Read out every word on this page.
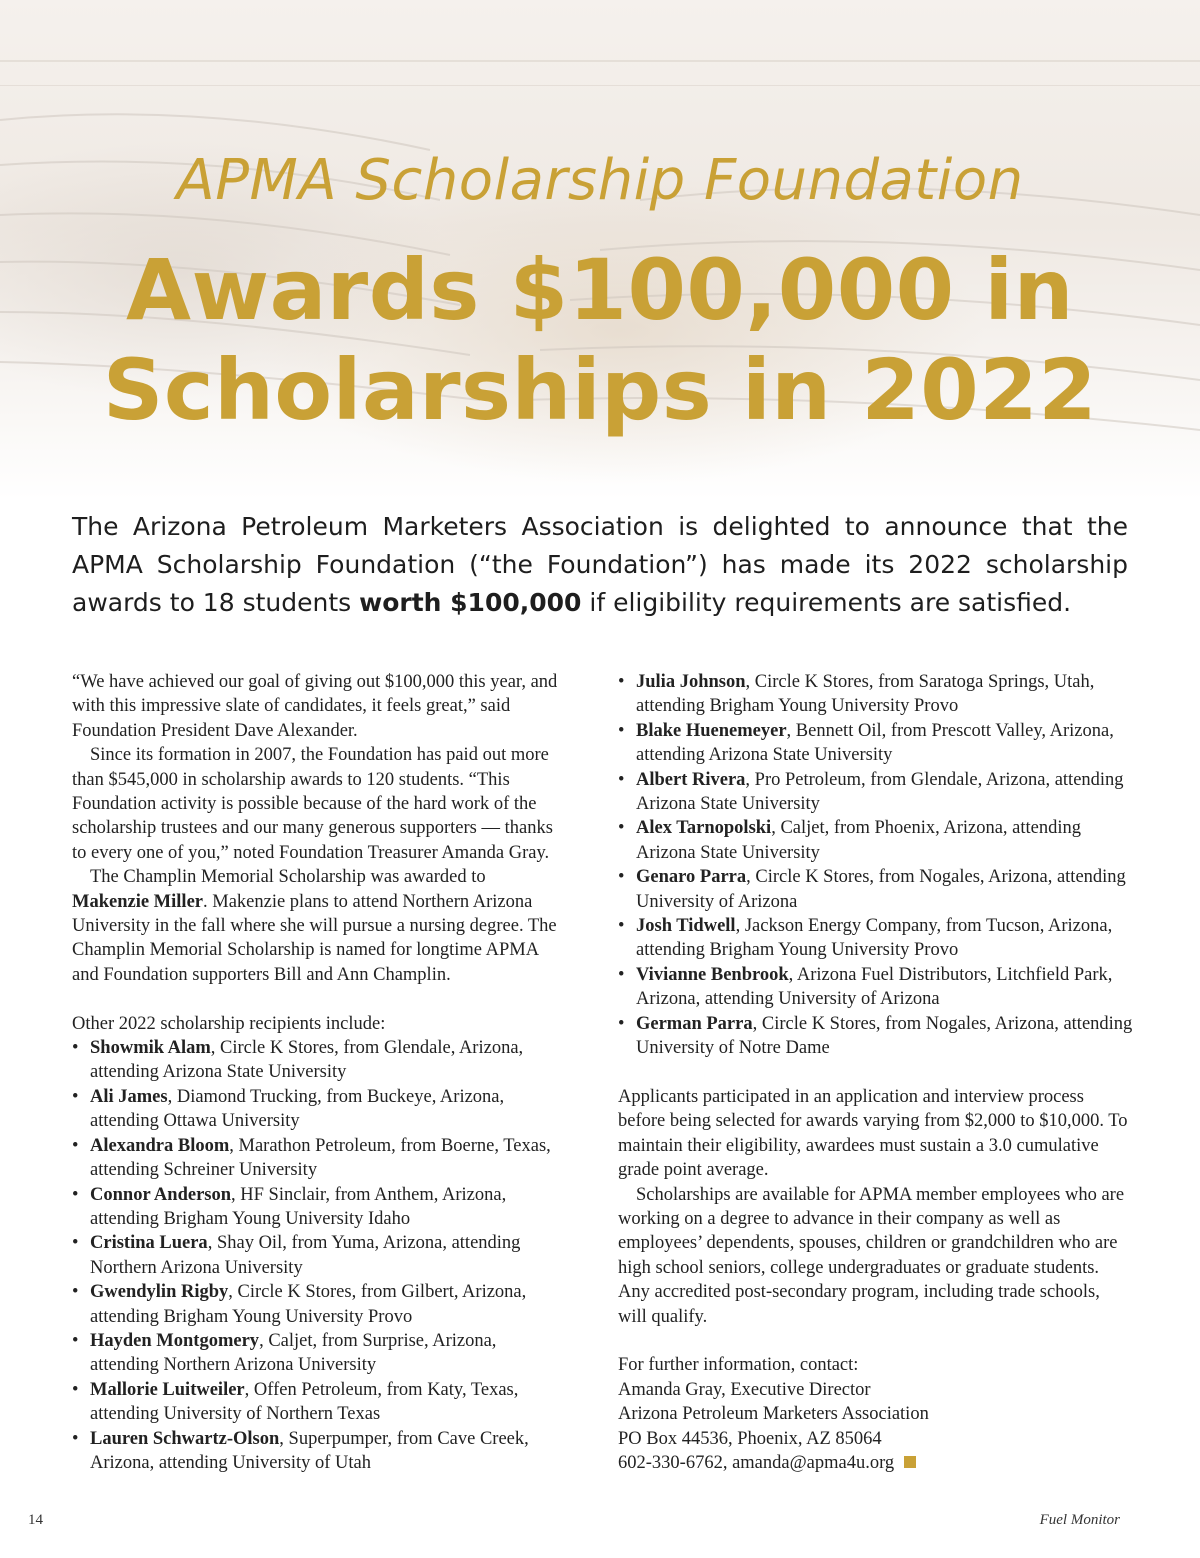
APMA Scholarship Foundation
Awards $100,000 in
Scholarships in 2022

The Arizona Petroleum Marketers Association is delighted to announce that the APMA Scholarship Foundation (“the Foundation”) has made its 2022 scholarship awards to 18 students worth $100,000 if eligibility requirements are satisfied.

“We have achieved our goal of giving out $100,000 this year, and with this impressive slate of candidates, it feels great,” said Foundation President Dave Alexander.

Since its formation in 2007, the Foundation has paid out more than $545,000 in scholarship awards to 120 students. “This Foundation activity is possible because of the hard work of the scholarship trustees and our many generous supporters — thanks to every one of you,” noted Foundation Treasurer Amanda Gray.

The Champlin Memorial Scholarship was awarded to Makenzie Miller. Makenzie plans to attend Northern Arizona University in the fall where she will pursue a nursing degree. The Champlin Memorial Scholarship is named for longtime APMA and Foundation supporters Bill and Ann Champlin.

Other 2022 scholarship recipients include:

• Showmik Alam, Circle K Stores, from Glendale, Arizona, attending Arizona State University
• Ali James, Diamond Trucking, from Buckeye, Arizona, attending Ottawa University
• Alexandra Bloom, Marathon Petroleum, from Boerne, Texas, attending Schreiner University
• Connor Anderson, HF Sinclair, from Anthem, Arizona, attending Brigham Young University Idaho
• Cristina Luera, Shay Oil, from Yuma, Arizona, attending Northern Arizona University
• Gwendylin Rigby, Circle K Stores, from Gilbert, Arizona, attending Brigham Young University Provo
• Hayden Montgomery, Caljet, from Surprise, Arizona, attending Northern Arizona University
• Mallorie Luitweiler, Offen Petroleum, from Katy, Texas, attending University of Northern Texas
• Lauren Schwartz-Olson, Superpumper, from Cave Creek, Arizona, attending University of Utah
• Julia Johnson, Circle K Stores, from Saratoga Springs, Utah, attending Brigham Young University Provo
• Blake Huenemeyer, Bennett Oil, from Prescott Valley, Arizona, attending Arizona State University
• Albert Rivera, Pro Petroleum, from Glendale, Arizona, attending Arizona State University
• Alex Tarnopolski, Caljet, from Phoenix, Arizona, attending Arizona State University
• Genaro Parra, Circle K Stores, from Nogales, Arizona, attending University of Arizona
• Josh Tidwell, Jackson Energy Company, from Tucson, Arizona, attending Brigham Young University Provo
• Vivianne Benbrook, Arizona Fuel Distributors, Litchfield Park, Arizona, attending University of Arizona
• German Parra, Circle K Stores, from Nogales, Arizona, attending University of Notre Dame

Applicants participated in an application and interview process before being selected for awards varying from $2,000 to $10,000. To maintain their eligibility, awardees must sustain a 3.0 cumulative grade point average.

Scholarships are available for APMA member employees who are working on a degree to advance in their company as well as employees’ dependents, spouses, children or grandchildren who are high school seniors, college undergraduates or graduate students. Any accredited post-secondary program, including trade schools, will qualify.

For further information, contact:

Amanda Gray, Executive Director

Arizona Petroleum Marketers Association

PO Box 44536, Phoenix, AZ 85064

602-330-6762, amanda@apma4u.org

14	Fuel Monitor
